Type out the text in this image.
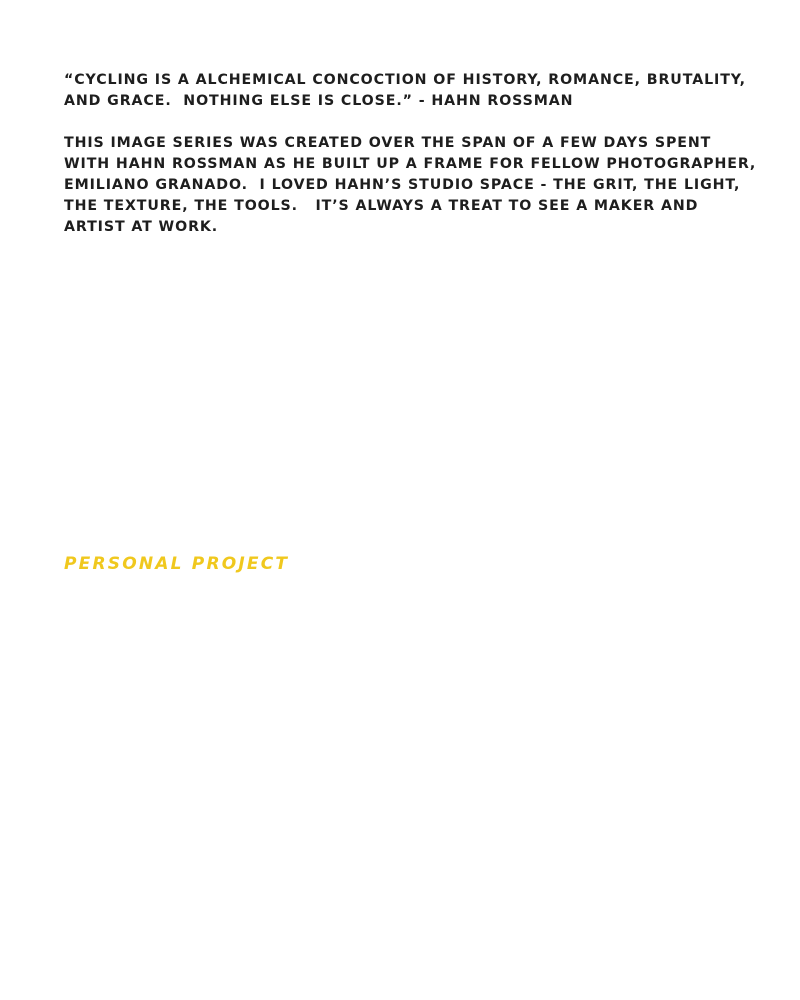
“CYCLING IS A ALCHEMICAL CONCOCTION OF HISTORY, ROMANCE, BRUTALITY,
AND GRACE.  NOTHING ELSE IS CLOSE.” - HAHN ROSSMAN

THIS IMAGE SERIES WAS CREATED OVER THE SPAN OF A FEW DAYS SPENT
WITH HAHN ROSSMAN AS HE BUILT UP A FRAME FOR FELLOW PHOTOGRAPHER,
EMILIANO GRANADO.  I LOVED HAHN’S STUDIO SPACE - THE GRIT, THE LIGHT,
THE TEXTURE, THE TOOLS.   IT’S ALWAYS A TREAT TO SEE A MAKER AND
ARTIST AT WORK.

PERSONAL PROJECT
